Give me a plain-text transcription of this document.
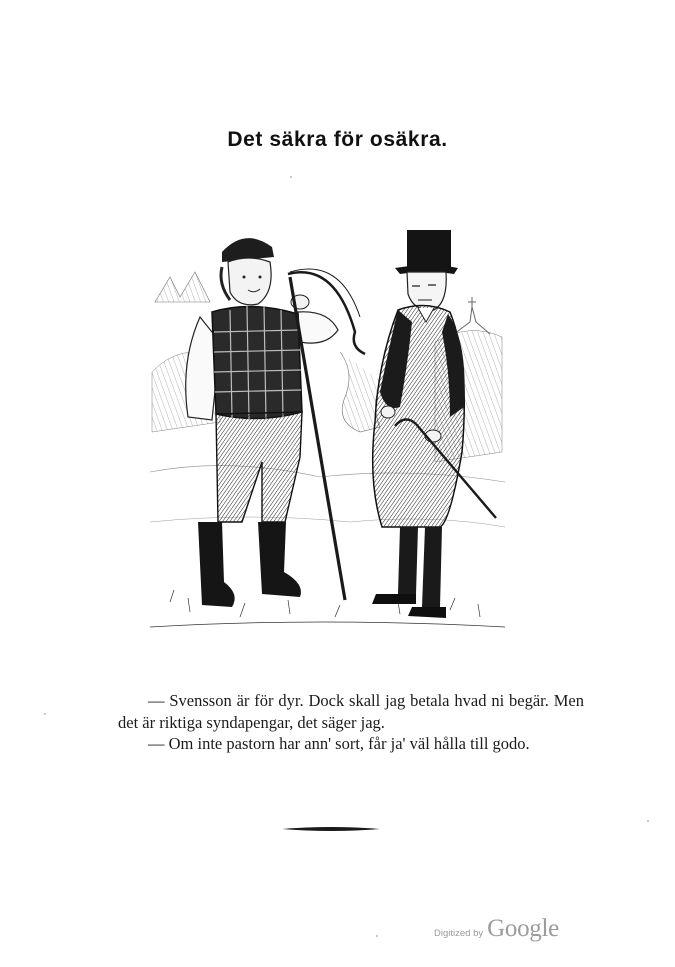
Det säkra för osäkra.

— Svensson är för dyr. Dock skall jag betala hvad ni begär. Men det är riktiga syndapengar, det säger jag.

— Om inte pastorn har ann' sort, får ja' väl hålla till godo.

Digitized by Google
